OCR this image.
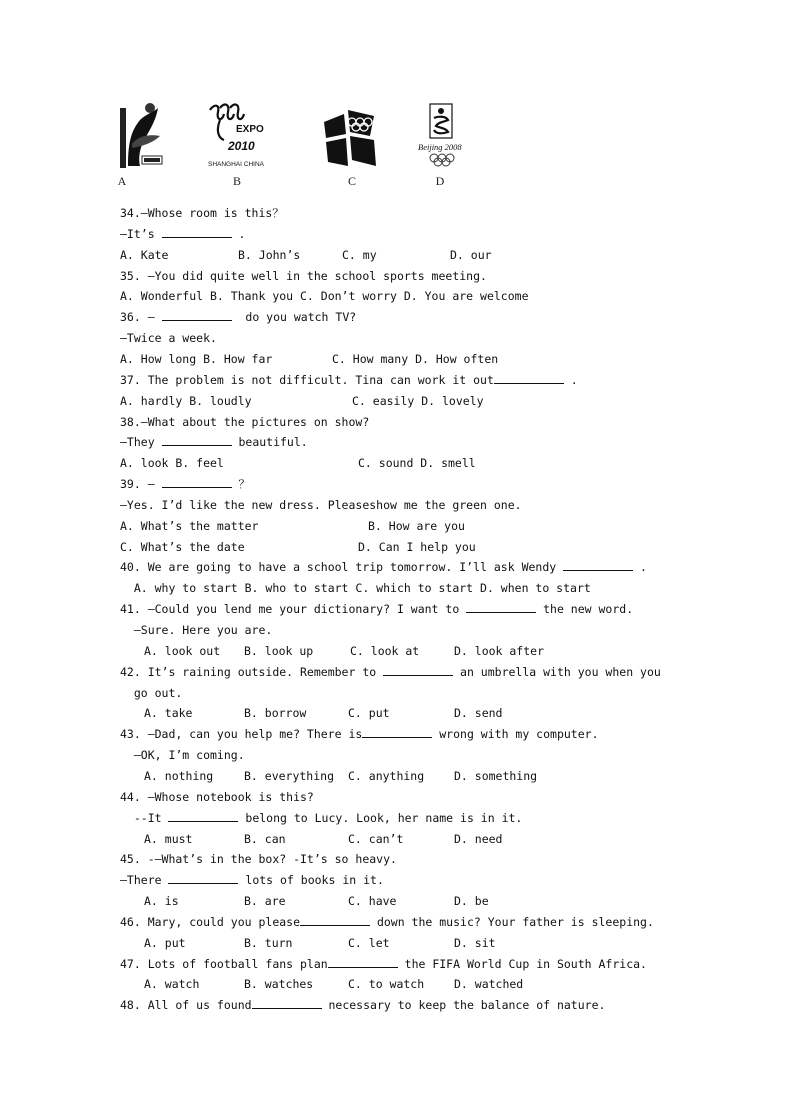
A
EXPO
2010
SHANGHAI CHINA
B	C
Beijing 2008
D
34.—Whose room is this？
—It’s	.
A. Kate	B. John’s	C. my	D. our
35. —You did quite well in the school sports meeting.
A. Wonderful B. Thank you C. Don’t worry D. You are welcome
36. —	do you watch TV?
—Twice a week.
A. How long B. How far	C. How many D. How often
37. The problem is not difficult. Tina can work it out	.
A. hardly B. loudly	C. easily D. lovely
38.—What about the pictures on show?
—They	beautiful.
A. look B. feel	C. sound D. smell
39. —	？
—Yes. I’d like the new dress. Pleaseshow me the green one.
A. What’s the matter	B. How are you
C. What’s the date	D. Can I help you
40. We are going to have a school trip tomorrow. I’ll ask Wendy	.
A. why to start B. who to start C. which to start D. when to start
41. —Could you lend me your dictionary? I want to	the new word.
—Sure. Here you are.
A. look out B. look up	C. look at	D. look after
42. It’s raining outside. Remember to	an umbrella with you when you
go out.
A. take	B. borrow	C. put	D. send
43. —Dad, can you help me? There is	wrong with my computer.
—OK, I’m coming.
A. nothing	B. everything C. anything	D. something
44. —Whose notebook is this?
--It	belong to Lucy. Look, her name is in it.
A. must	B. can	C. can’t	D. need
45. -—What’s in the box? -It’s so heavy.
—There	lots of books in it.
A. is	B. are	C. have	D. be
46. Mary, could you please	down the music? Your father is sleeping.
A. put	B. turn	C. let	D. sit
47. Lots of football fans plan	the FIFA World Cup in South Africa.
A. watch	B. watches	C. to watch	D. watched
48. All of us found	necessary to keep the balance of nature.
